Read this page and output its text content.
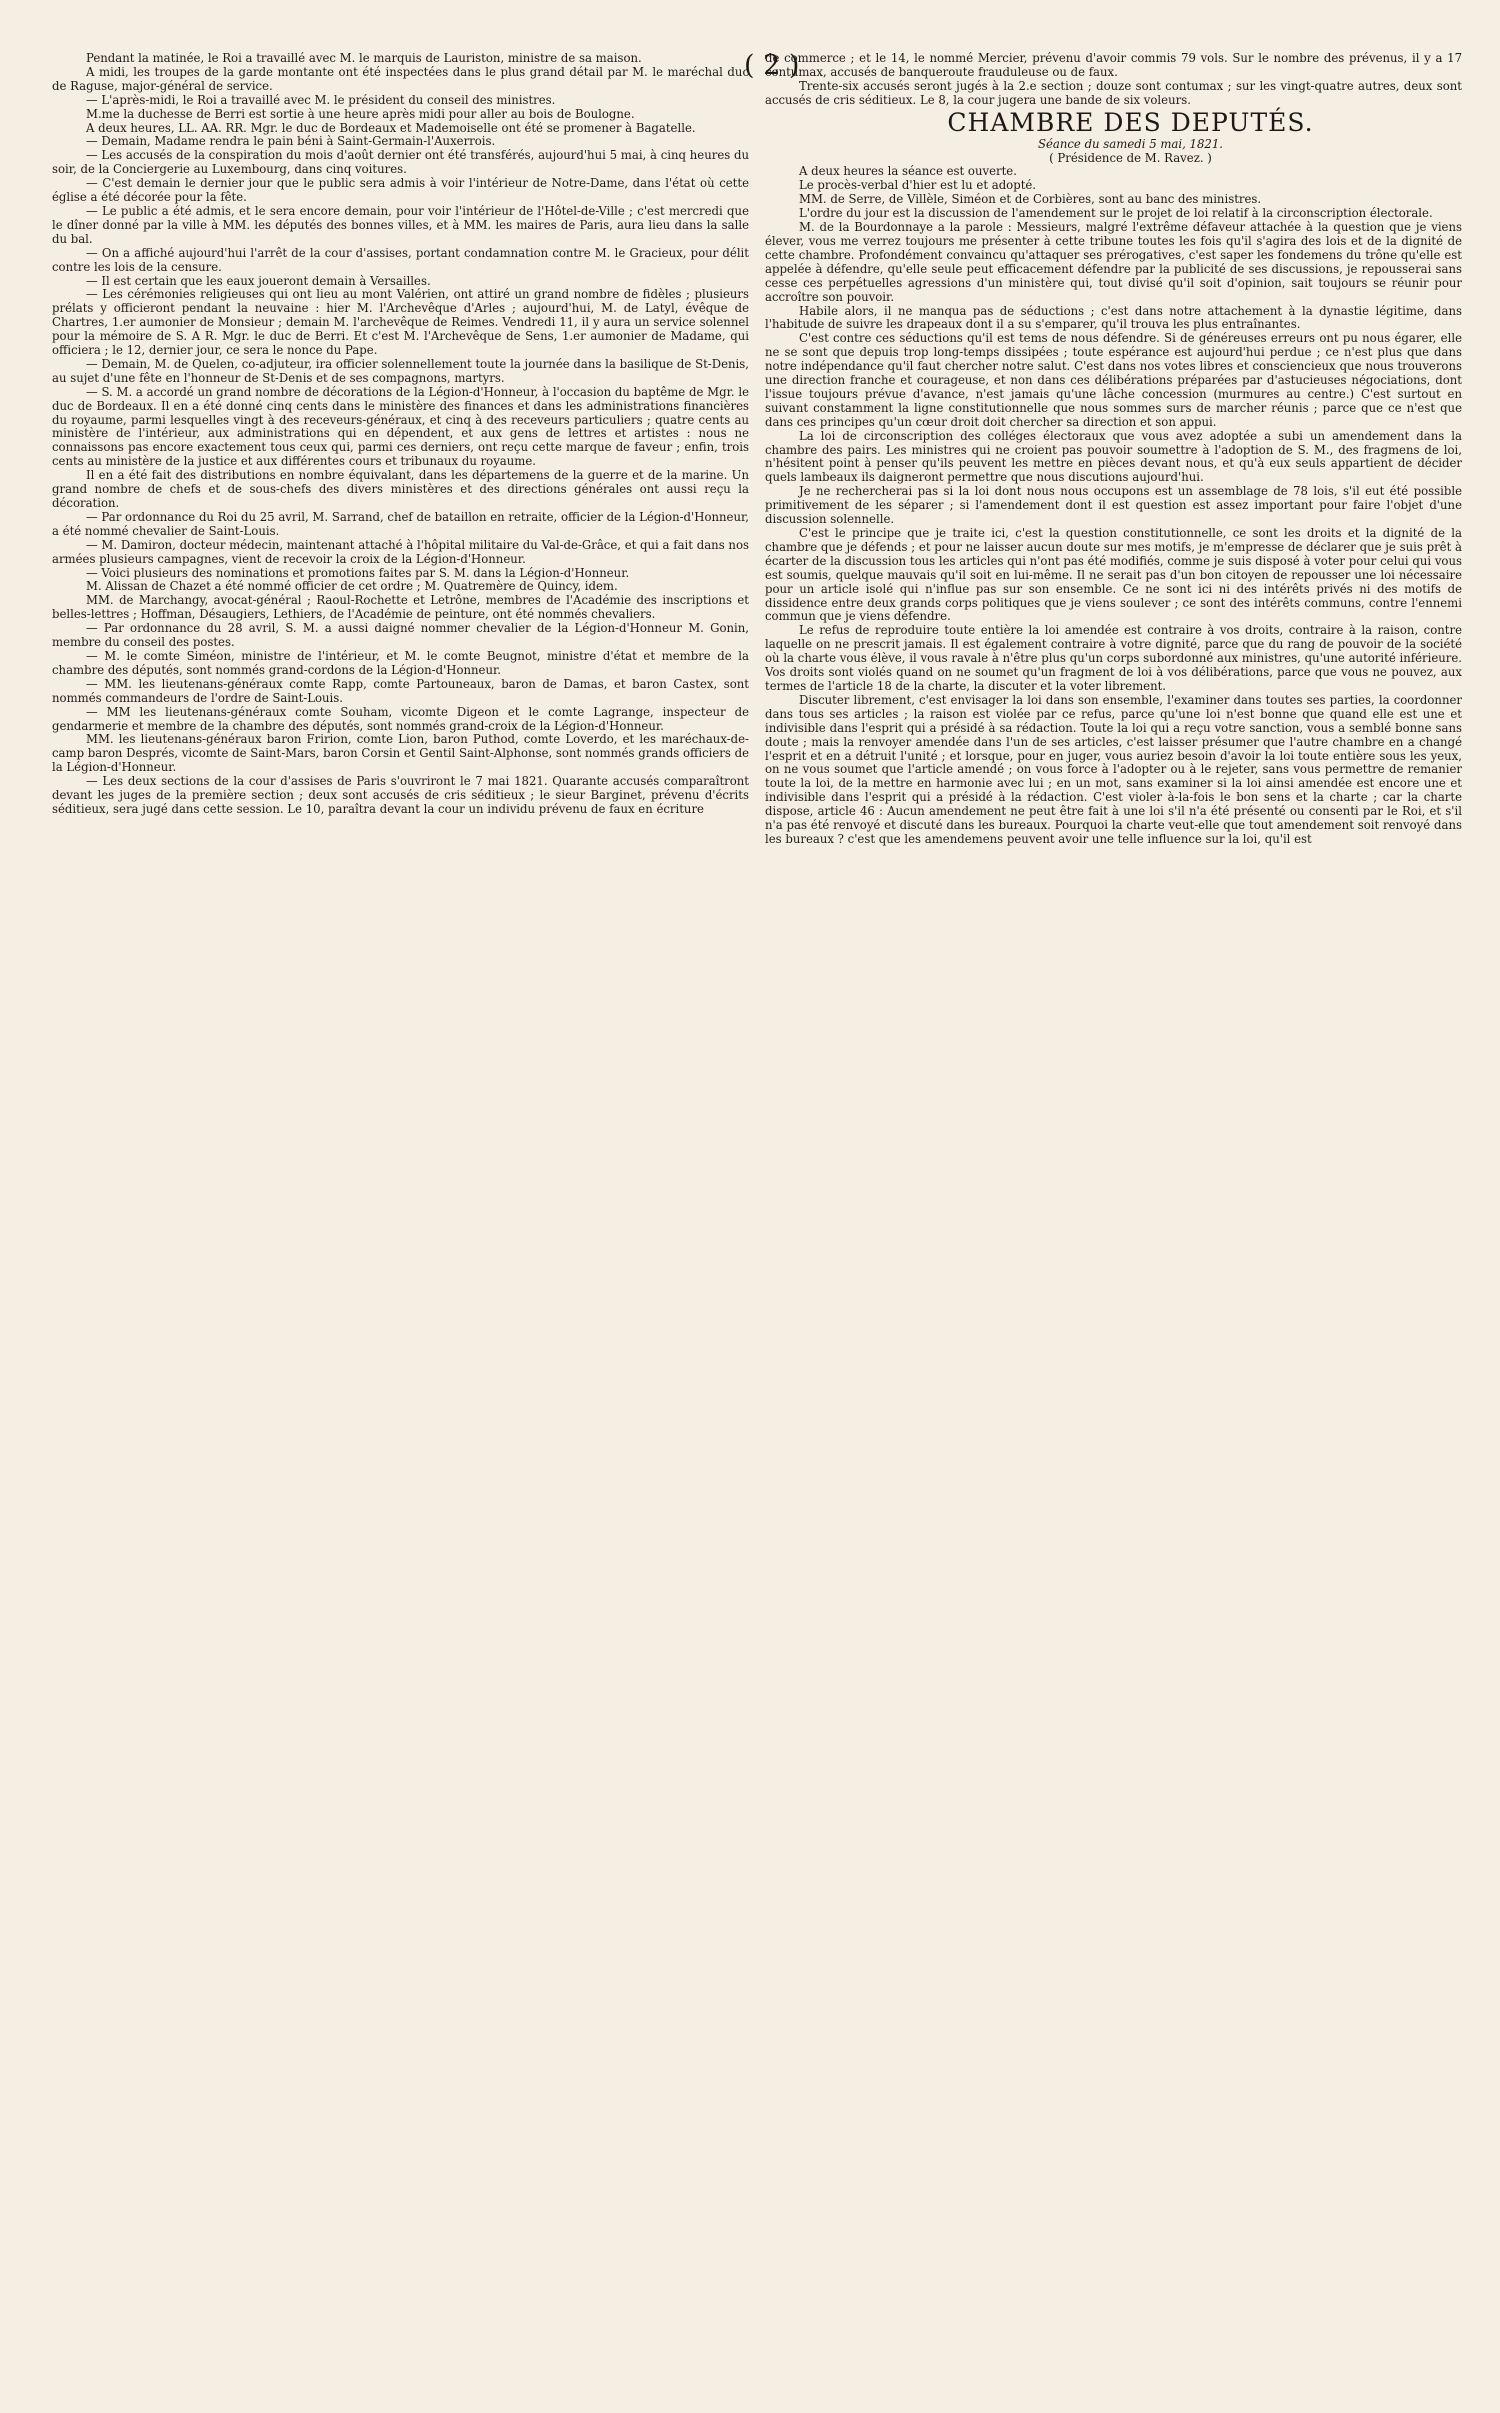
( 2 )

Pendant la matinée, le Roi a travaillé avec M. le marquis de Lauriston, ministre de sa maison.

A midi, les troupes de la garde montante ont été inspectées dans le plus grand détail par M. le maréchal duc de Raguse, major-général de service.

— L'après-midi, le Roi a travaillé avec M. le président du conseil des ministres.

M.me la duchesse de Berri est sortie à une heure après midi pour aller au bois de Boulogne.

A deux heures, LL. AA. RR. Mgr. le duc de Bordeaux et Mademoiselle ont été se promener à Bagatelle.

— Demain, Madame rendra le pain béni à Saint-Germain-l'Auxerrois.

— Les accusés de la conspiration du mois d'août dernier ont été transférés, aujourd'hui 5 mai, à cinq heures du soir, de la Conciergerie au Luxembourg, dans cinq voitures.

— C'est demain le dernier jour que le public sera admis à voir l'intérieur de Notre-Dame, dans l'état où cette église a été décorée pour la fête.

— Le public a été admis, et le sera encore demain, pour voir l'intérieur de l'Hôtel-de-Ville ; c'est mercredi que le dîner donné par la ville à MM. les députés des bonnes villes, et à MM. les maires de Paris, aura lieu dans la salle du bal.

— On a affiché aujourd'hui l'arrêt de la cour d'assises, portant condamnation contre M. le Gracieux, pour délit contre les lois de la censure.

— Il est certain que les eaux joueront demain à Versailles.

— Les cérémonies religieuses qui ont lieu au mont Valérien, ont attiré un grand nombre de fidèles ; plusieurs prélats y officieront pendant la neuvaine : hier M. l'Archevêque d'Arles ; aujourd'hui, M. de Latyl, évêque de Chartres, 1.er aumonier de Monsieur ; demain M. l'archevêque de Reimes. Vendredi 11, il y aura un service solennel pour la mémoire de S. A R. Mgr. le duc de Berri. Et c'est M. l'Archevêque de Sens, 1.er aumonier de Madame, qui officiera ; le 12, dernier jour, ce sera le nonce du Pape.

— Demain, M. de Quelen, co-adjuteur, ira officier solennellement toute la journée dans la basilique de St-Denis, au sujet d'une fête en l'honneur de St-Denis et de ses compagnons, martyrs.

— S. M. a accordé un grand nombre de décorations de la Légion-d'Honneur, à l'occasion du baptême de Mgr. le duc de Bordeaux. Il en a été donné cinq cents dans le ministère des finances et dans les administrations financières du royaume, parmi lesquelles vingt à des receveurs-généraux, et cinq à des receveurs particuliers ; quatre cents au ministère de l'intérieur, aux administrations qui en dépendent, et aux gens de lettres et artistes : nous ne connaissons pas encore exactement tous ceux qui, parmi ces derniers, ont reçu cette marque de faveur ; enfin, trois cents au ministère de la justice et aux différentes cours et tribunaux du royaume.

Il en a été fait des distributions en nombre équivalant, dans les départemens de la guerre et de la marine. Un grand nombre de chefs et de sous-chefs des divers ministères et des directions générales ont aussi reçu la décoration.

— Par ordonnance du Roi du 25 avril, M. Sarrand, chef de bataillon en retraite, officier de la Légion-d'Honneur, a été nommé chevalier de Saint-Louis.

— M. Damiron, docteur médecin, maintenant attaché à l'hôpital militaire du Val-de-Grâce, et qui a fait dans nos armées plusieurs campagnes, vient de recevoir la croix de la Légion-d'Honneur.

— Voici plusieurs des nominations et promotions faites par S. M. dans la Légion-d'Honneur.

M. Alissan de Chazet a été nommé officier de cet ordre ; M. Quatremère de Quincy, idem.

MM. de Marchangy, avocat-général ; Raoul-Rochette et Letrône, membres de l'Académie des inscriptions et belles-lettres ; Hoffman, Désaugiers, Lethiers, de l'Académie de peinture, ont été nommés chevaliers.

— Par ordonnance du 28 avril, S. M. a aussi daigné nommer chevalier de la Légion-d'Honneur M. Gonin, membre du conseil des postes.

— M. le comte Siméon, ministre de l'intérieur, et M. le comte Beugnot, ministre d'état et membre de la chambre des députés, sont nommés grand-cordons de la Légion-d'Honneur.

— MM. les lieutenans-généraux comte Rapp, comte Partouneaux, baron de Damas, et baron Castex, sont nommés commandeurs de l'ordre de Saint-Louis.

— MM les lieutenans-généraux comte Souham, vicomte Digeon et le comte Lagrange, inspecteur de gendarmerie et membre de la chambre des députés, sont nommés grand-croix de la Légion-d'Honneur.

MM. les lieutenans-généraux baron Fririon, comte Lion, baron Puthod, comte Loverdo, et les maréchaux-de-camp baron Després, vicomte de Saint-Mars, baron Corsin et Gentil Saint-Alphonse, sont nommés grands officiers de la Légion-d'Honneur.

— Les deux sections de la cour d'assises de Paris s'ouvriront le 7 mai 1821. Quarante accusés comparaîtront devant les juges de la première section ; deux sont accusés de cris séditieux ; le sieur Barginet, prévenu d'écrits séditieux, sera jugé dans cette session. Le 10, paraîtra devant la cour un individu prévenu de faux en écriture

de commerce ; et le 14, le nommé Mercier, prévenu d'avoir commis 79 vols. Sur le nombre des prévenus, il y a 17 contumax, accusés de banqueroute frauduleuse ou de faux.

Trente-six accusés seront jugés à la 2.e section ; douze sont contumax ; sur les vingt-quatre autres, deux sont accusés de cris séditieux. Le 8, la cour jugera une bande de six voleurs.

CHAMBRE DES DEPUTÉS.

Séance du samedi 5 mai, 1821.

( Présidence de M. Ravez. )

A deux heures la séance est ouverte.

Le procès-verbal d'hier est lu et adopté.

MM. de Serre, de Villèle, Siméon et de Corbières, sont au banc des ministres.

L'ordre du jour est la discussion de l'amendement sur le projet de loi relatif à la circonscription électorale.

M. de la Bourdonnaye a la parole : Messieurs, malgré l'extrême défaveur attachée à la question que je viens élever, vous me verrez toujours me présenter à cette tribune toutes les fois qu'il s'agira des lois et de la dignité de cette chambre. Profondément convaincu qu'attaquer ses prérogatives, c'est saper les fondemens du trône qu'elle est appelée à défendre, qu'elle seule peut efficacement défendre par la publicité de ses discussions, je repousserai sans cesse ces perpétuelles agressions d'un ministère qui, tout divisé qu'il soit d'opinion, sait toujours se réunir pour accroître son pouvoir.

Habile alors, il ne manqua pas de séductions ; c'est dans notre attachement à la dynastie légitime, dans l'habitude de suivre les drapeaux dont il a su s'emparer, qu'il trouva les plus entraînantes.

C'est contre ces séductions qu'il est tems de nous défendre. Si de généreuses erreurs ont pu nous égarer, elle ne se sont que depuis trop long-temps dissipées ; toute espérance est aujourd'hui perdue ; ce n'est plus que dans notre indépendance qu'il faut chercher notre salut. C'est dans nos votes libres et consciencieux que nous trouverons une direction franche et courageuse, et non dans ces délibérations préparées par d'astucieuses négociations, dont l'issue toujours prévue d'avance, n'est jamais qu'une lâche concession (murmures au centre.) C'est surtout en suivant constamment la ligne constitutionnelle que nous sommes surs de marcher réunis ; parce que ce n'est que dans ces principes qu'un cœur droit doit chercher sa direction et son appui.

La loi de circonscription des colléges électoraux que vous avez adoptée a subi un amendement dans la chambre des pairs. Les ministres qui ne croient pas pouvoir soumettre à l'adoption de S. M., des fragmens de loi, n'hésitent point à penser qu'ils peuvent les mettre en pièces devant nous, et qu'à eux seuls appartient de décider quels lambeaux ils daigneront permettre que nous discutions aujourd'hui.

Je ne rechercherai pas si la loi dont nous nous occupons est un assemblage de 78 lois, s'il eut été possible primitivement de les séparer ; si l'amendement dont il est question est assez important pour faire l'objet d'une discussion solennelle.

C'est le principe que je traite ici, c'est la question constitutionnelle, ce sont les droits et la dignité de la chambre que je défends ; et pour ne laisser aucun doute sur mes motifs, je m'empresse de déclarer que je suis prêt à écarter de la discussion tous les articles qui n'ont pas été modifiés, comme je suis disposé à voter pour celui qui vous est soumis, quelque mauvais qu'il soit en lui-même. Il ne serait pas d'un bon citoyen de repousser une loi nécessaire pour un article isolé qui n'influe pas sur son ensemble. Ce ne sont ici ni des intérêts privés ni des motifs de dissidence entre deux grands corps politiques que je viens soulever ; ce sont des intérêts communs, contre l'ennemi commun que je viens défendre.

Le refus de reproduire toute entière la loi amendée est contraire à vos droits, contraire à la raison, contre laquelle on ne prescrit jamais. Il est également contraire à votre dignité, parce que du rang de pouvoir de la société où la charte vous élève, il vous ravale à n'être plus qu'un corps subordonné aux ministres, qu'une autorité inférieure. Vos droits sont violés quand on ne soumet qu'un fragment de loi à vos délibérations, parce que vous ne pouvez, aux termes de l'article 18 de la charte, la discuter et la voter librement.

Discuter librement, c'est envisager la loi dans son ensemble, l'examiner dans toutes ses parties, la coordonner dans tous ses articles ; la raison est violée par ce refus, parce qu'une loi n'est bonne que quand elle est une et indivisible dans l'esprit qui a présidé à sa rédaction. Toute la loi qui a reçu votre sanction, vous a semblé bonne sans doute ; mais la renvoyer amendée dans l'un de ses articles, c'est laisser présumer que l'autre chambre en a changé l'esprit et en a détruit l'unité ; et lorsque, pour en juger, vous auriez besoin d'avoir la loi toute entière sous les yeux, on ne vous soumet que l'article amendé ; on vous force à l'adopter ou à le rejeter, sans vous permettre de remanier toute la loi, de la mettre en harmonie avec lui ; en un mot, sans examiner si la loi ainsi amendée est encore une et indivisible dans l'esprit qui a présidé à la rédaction. C'est violer à-la-fois le bon sens et la charte ; car la charte dispose, article 46 : Aucun amendement ne peut être fait à une loi s'il n'a été présenté ou consenti par le Roi, et s'il n'a pas été renvoyé et discuté dans les bureaux. Pourquoi la charte veut-elle que tout amendement soit renvoyé dans les bureaux ? c'est que les amendemens peuvent avoir une telle influence sur la loi, qu'il est
